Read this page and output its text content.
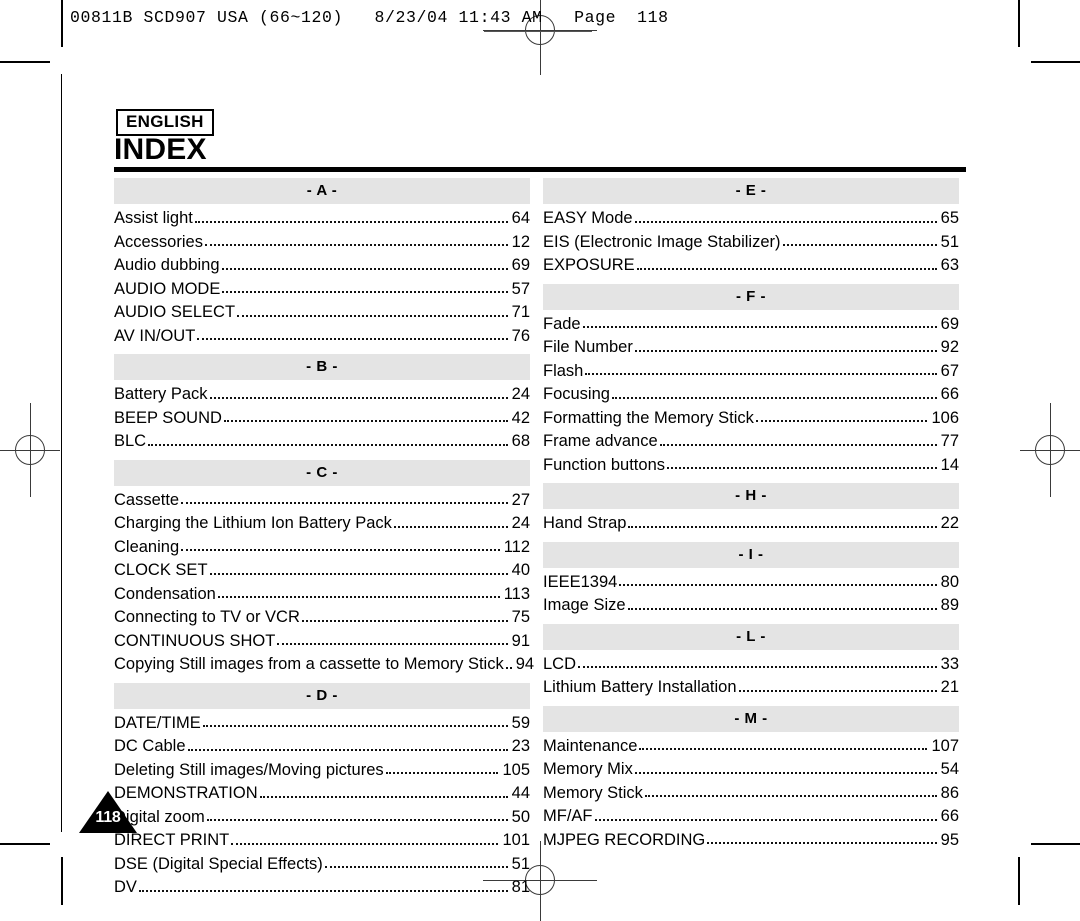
00811B SCD907 USA (66~120)   8/23/04 11:43 AM   Page  118
ENGLISH
INDEX
- A -
Assist light	64
Accessories	12
Audio dubbing	69
AUDIO MODE	57
AUDIO SELECT	71
AV IN/OUT	76
- B -
Battery Pack	24
BEEP SOUND	42
BLC	68
- C -
Cassette	27
Charging the Lithium Ion Battery Pack	24
Cleaning	112
CLOCK SET	40
Condensation	113
Connecting to TV or VCR	75
CONTINUOUS SHOT	91
Copying Still images from a cassette to Memory Stick 94
- D -
DATE/TIME	59
DC Cable	23
Deleting Still images/Moving pictures	105
DEMONSTRATION	44
Digital zoom	50
DIRECT PRINT	101
DSE (Digital Special Effects)	51
DV	81
- E -
EASY Mode	65
EIS (Electronic Image Stabilizer)	51
EXPOSURE	63
- F -
Fade	69
File Number	92
Flash	67
Focusing	66
Formatting the Memory Stick	106
Frame advance	77
Function buttons	14
- H -
Hand Strap	22
- I -
IEEE1394	80
Image Size	89
- L -
LCD	33
Lithium Battery Installation	21
- M -
Maintenance	107
Memory Mix	54
Memory Stick	86
MF/AF	66
MJPEG RECORDING	95
118
